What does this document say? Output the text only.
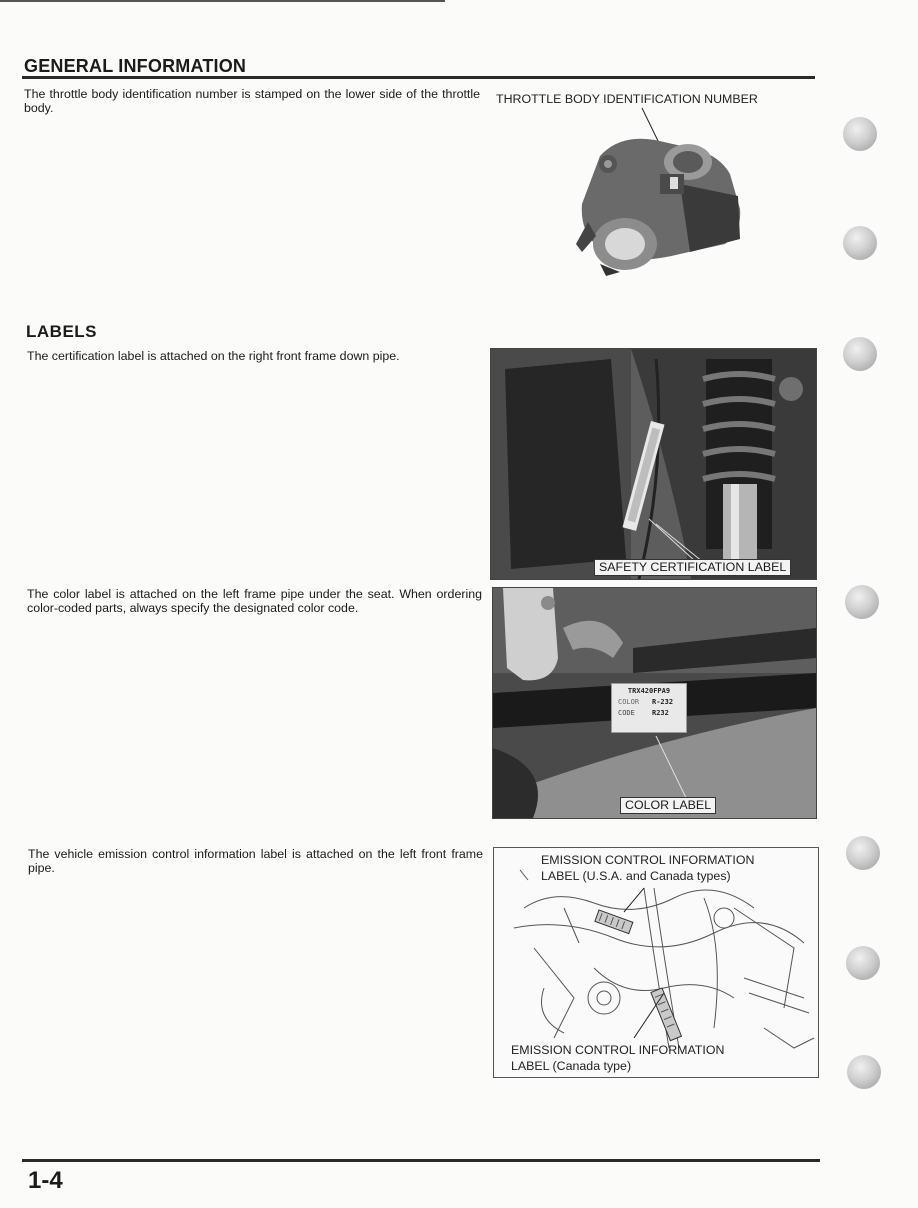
GENERAL INFORMATION
The throttle body identification number is stamped on the lower side of the throttle body.
THROTTLE BODY IDENTIFICATION NUMBER
LABELS
The certification label is attached on the right front frame down pipe.
SAFETY CERTIFICATION LABEL
The color label is attached on the left frame pipe under the seat. When ordering color-coded parts, always specify the designated color code.
TRX420FPA9
COLOR R-232
CODE R232
COLOR LABEL
The vehicle emission control information label is attached on the left front frame pipe.
EMISSION CONTROL INFORMATION
LABEL (U.S.A. and Canada types)
EMISSION CONTROL INFORMATION
LABEL (Canada type)
1-4
